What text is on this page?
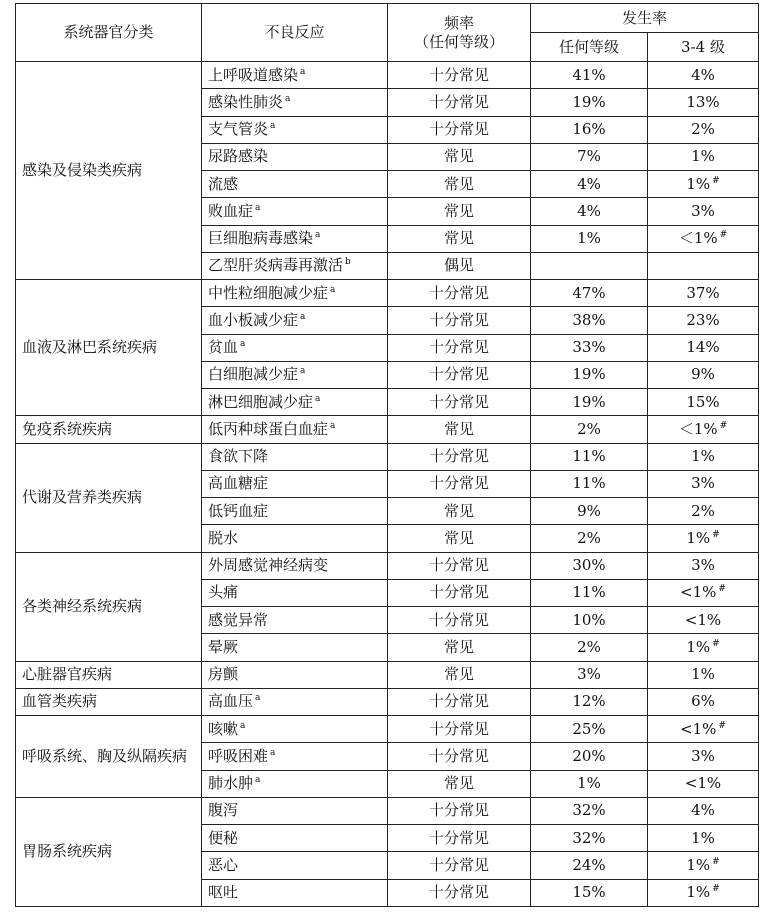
系统器官分类	不良反应	频率
（任何等级）	发生率	
			任何等级	3-4 级
感染及侵染类疾病	上呼吸道感染 $^a$	十分常见	41%	4%
	感染性肺炎 $^a$	十分常见	19%	13%
	支气管炎 $^a$	十分常见	16%	2%
	尿路感染	常见	7%	1%
	流感	常见	4%	1% #
	败血症 $^a$	常见	4%	3%
	巨细胞病毒感染 $^a$	常见	1%	＜1% #
	乙型肝炎病毒再激活 $^b$	偶见		
血液及淋巴系统疾病	中性粒细胞减少症 $^a$	十分常见	47%	37%
	血小板减少症 $^a$	十分常见	38%	23%
	贫血 $^a$	十分常见	33%	14%
	白细胞减少症 $^a$	十分常见	19%	9%
	淋巴细胞减少症 $^a$	十分常见	19%	15%
免疫系统疾病	低丙种球蛋白血症 $^a$	常见	2%	＜1% #
代谢及营养类疾病	食欲下降	十分常见	11%	1%
	高血糖症	十分常见	11%	3%
	低钙血症	常见	9%	2%
	脱水	常见	2%	1% #
各类神经系统疾病	外周感觉神经病变	十分常见	30%	3%
	头痛	十分常见	11%	<1% #
	感觉异常	十分常见	10%	<1%
	晕厥	常见	2%	1% #
心脏器官疾病	房颤	常见	3%	1%
血管类疾病	高血压 $^a$	十分常见	12%	6%
呼吸系统、胸及纵隔疾病	咳嗽 $^a$	十分常见	25%	<1% #
	呼吸困难 $^a$	十分常见	20%	3%
	肺水肿 $^a$	常见	1%	<1%
胃肠系统疾病	腹泻	十分常见	32%	4%
	便秘	十分常见	32%	1%
	恶心	十分常见	24%	1% #
	呕吐	十分常见	15%	1% #
